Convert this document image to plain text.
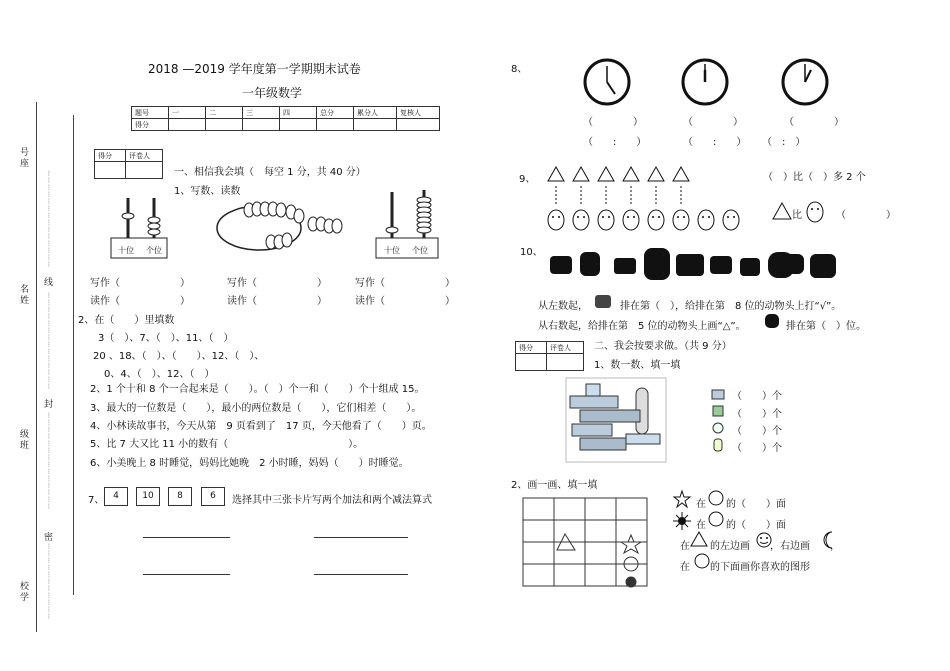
号座
名姓
级班
校学
线
封
密
⋮
⋮
⋮
⋮
⋮
⋮
⋮
⋮
⋮
⋮
⋮
⋮
⋮
⋮
⋮
⋮
⋮
⋮
⋮
⋮
⋮
⋮
⋮
⋮
⋮
⋮
⋮
⋮
⋮
⋮
⋮
⋮
⋮
⋮
⋮
⋮
⋮
⋮
⋮
⋮
⋮
⋮
⋮
⋮
⋮
⋮
⋮
⋮
⋮
⋮
⋮
⋮
⋮
2018 —2019 学年度第一学期期末试卷
一年级数学
题号	一	二	三	四	总分	累分人	复核人
得分							
得分	评卷人

一、相信我会填（　每空 1 分，共 40 分）
1、写数、读数
十位 个位	十位 个位
写作（　　　　　　）	写作（　　　　　　）	写作（　　　　　　）
读作（　　　　　　）	读作（　　　　　　）	读作（　　　　　　）
2、在（　　）里填数
3（　）、7、（　）、11、（　）
20 、18、（　）、（　　）、12、（　）、
0、4、（　）、12、（　）
2、1 个十和 8 个一合起来是（　　）。（　）个一和（　　）个十组成 15。
3、最大的一位数是（　　），最小的两位数是（　　），它们相差（　　）。
4、小林读故事书，今天从第　9 页看到了　17 页，今天他看了（　　）页。
5、比 7 大又比 11 小的数有（　　　　　　　　　　　　）。
6、小美晚上 8 时睡觉，妈妈比她晚　2 小时睡，妈妈（　　）时睡觉。
7、 4	10	8	6	选择其中三张卡片写两个加法和两个减法算式
8、
（　　　　）	（　　　　）	（　　　　）
（　　:　　）	（　　:　　） （　:　）
9、	（　）比（　）多 2 个
比	（　　　　）
10、
从左数起，	排在第（　），给排在第　8 位的动物头上打“√”。
从右数起，给排在第　5 位的动物头上画“△”。	排在第（　）位。
得分	评卷人
	二、我会按要求做。（共 9 分）
1、数一数、填一填
（　　）个
（　　）个
（　　）个
（　　）个
2、画一画、填一填
在　　的（　　）面
在　　的（　　）面
在　　的左边画　　，右边画　　，
在　　的下面画你喜欢的图形
